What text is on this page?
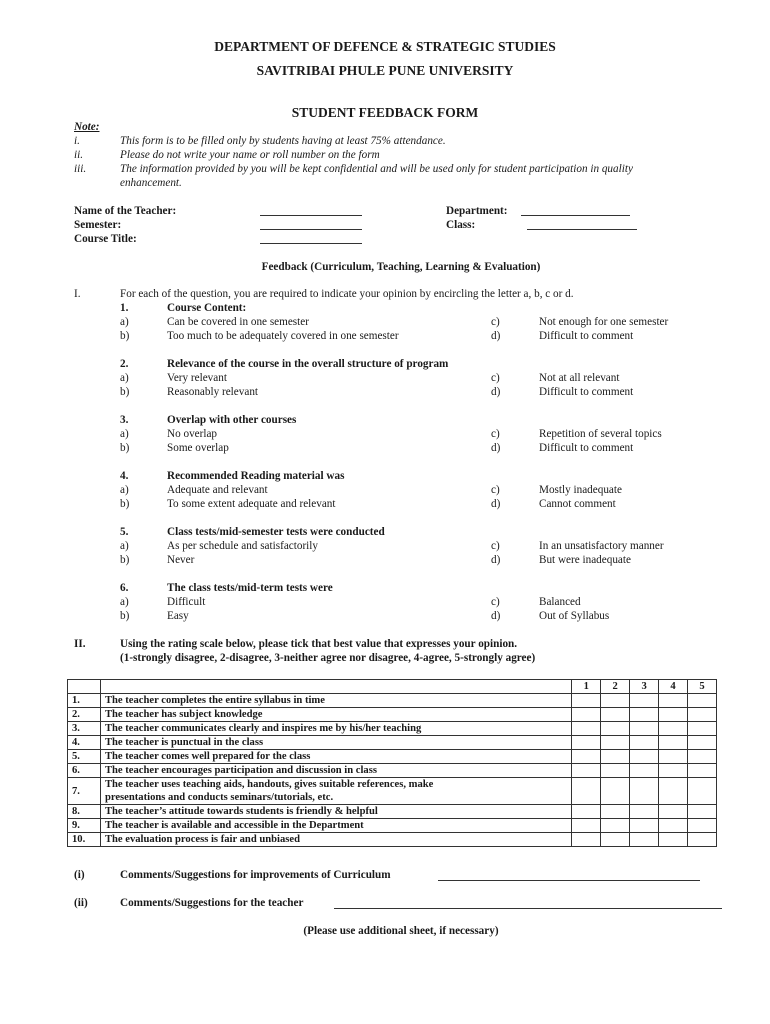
DEPARTMENT OF DEFENCE & STRATEGIC STUDIES
SAVITRIBAI PHULE PUNE UNIVERSITY
STUDENT FEEDBACK FORM
Note:
i.	This form is to be filled only by students having at least 75% attendance.
ii.	Please do not write your name or roll number on the form
iii.	The information provided by you will be kept confidential and will be used only for student participation in quality
enhancement.
Name of the Teacher:
Semester:
Course Title:
Department:
Class:
Feedback (Curriculum, Teaching, Learning & Evaluation)
I.	For each of the question, you are required to indicate your opinion by encircling the letter a, b, c or d.
1.	Course Content:
a)	Can be covered in one semester
b)	Too much to be adequately covered in one semester
c)	Not enough for one semester
d)	Difficult to comment
2.	Relevance of the course in the overall structure of program
a)	Very relevant
b)	Reasonably relevant
c)	Not at all relevant
d)	Difficult to comment
3.	Overlap with other courses
a)	No overlap
b)	Some overlap
c)	Repetition of several topics
d)	Difficult to comment
4.	Recommended Reading material was
a)	Adequate and relevant
b)	To some extent adequate and relevant
c)	Mostly inadequate
d)	Cannot comment
5.	Class tests/mid-semester tests were conducted
a)	As per schedule and satisfactorily
b)	Never
c)	In an unsatisfactory manner
d)	But were inadequate
6.	The class tests/mid-term tests were
a)	Difficult
b)	Easy
c)	Balanced
d)	Out of Syllabus
II.	Using the rating scale below, please tick that best value that expresses your opinion.
(1-strongly disagree, 2-disagree, 3-neither agree nor disagree, 4-agree, 5-strongly agree)
		1	2	3	4	5
1.	The teacher completes the entire syllabus in time					

2.	The teacher has subject knowledge					

3.	The teacher communicates clearly and inspires me by his/her teaching					

4.	The teacher is punctual in the class					

5.	The teacher comes well prepared for the class					

6.	The teacher encourages participation and discussion in class					

7.	The teacher uses teaching aids, handouts, gives suitable references, make
presentations and conducts seminars/tutorials, etc.					

8.	The teacher’s attitude towards students is friendly & helpful					

9.	The teacher is available and accessible in the Department					

10.	The evaluation process is fair and unbiased					

(i)	Comments/Suggestions for improvements of Curriculum
(ii)	Comments/Suggestions for the teacher
(Please use additional sheet, if necessary)
